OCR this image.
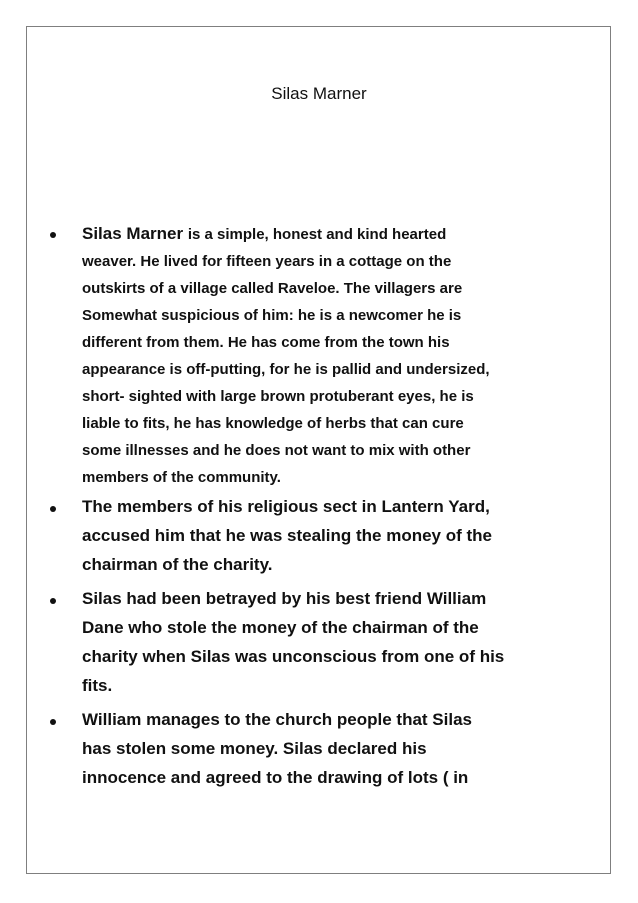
Silas Marner
Silas Marner is a simple, honest and kind hearted
weaver. He lived for fifteen years in a cottage on the
outskirts of a village called Raveloe. The villagers are
Somewhat suspicious of him: he is a newcomer he is
different from them. He has come from the town his
appearance is off-putting, for he is pallid and undersized,
short- sighted with large brown protuberant eyes, he is
liable to fits, he has knowledge of herbs that can cure
some illnesses and he does not want to mix with other
members of the community.
The members of his religious sect in Lantern Yard,
accused him that he was stealing the money of the
chairman of the charity.
Silas had been betrayed by his best friend William
Dane who stole the money of the chairman of the
charity when Silas was unconscious from one of his
fits.
William manages to the church people that Silas
has stolen some money. Silas declared his
innocence and agreed to the drawing of lots ( in
